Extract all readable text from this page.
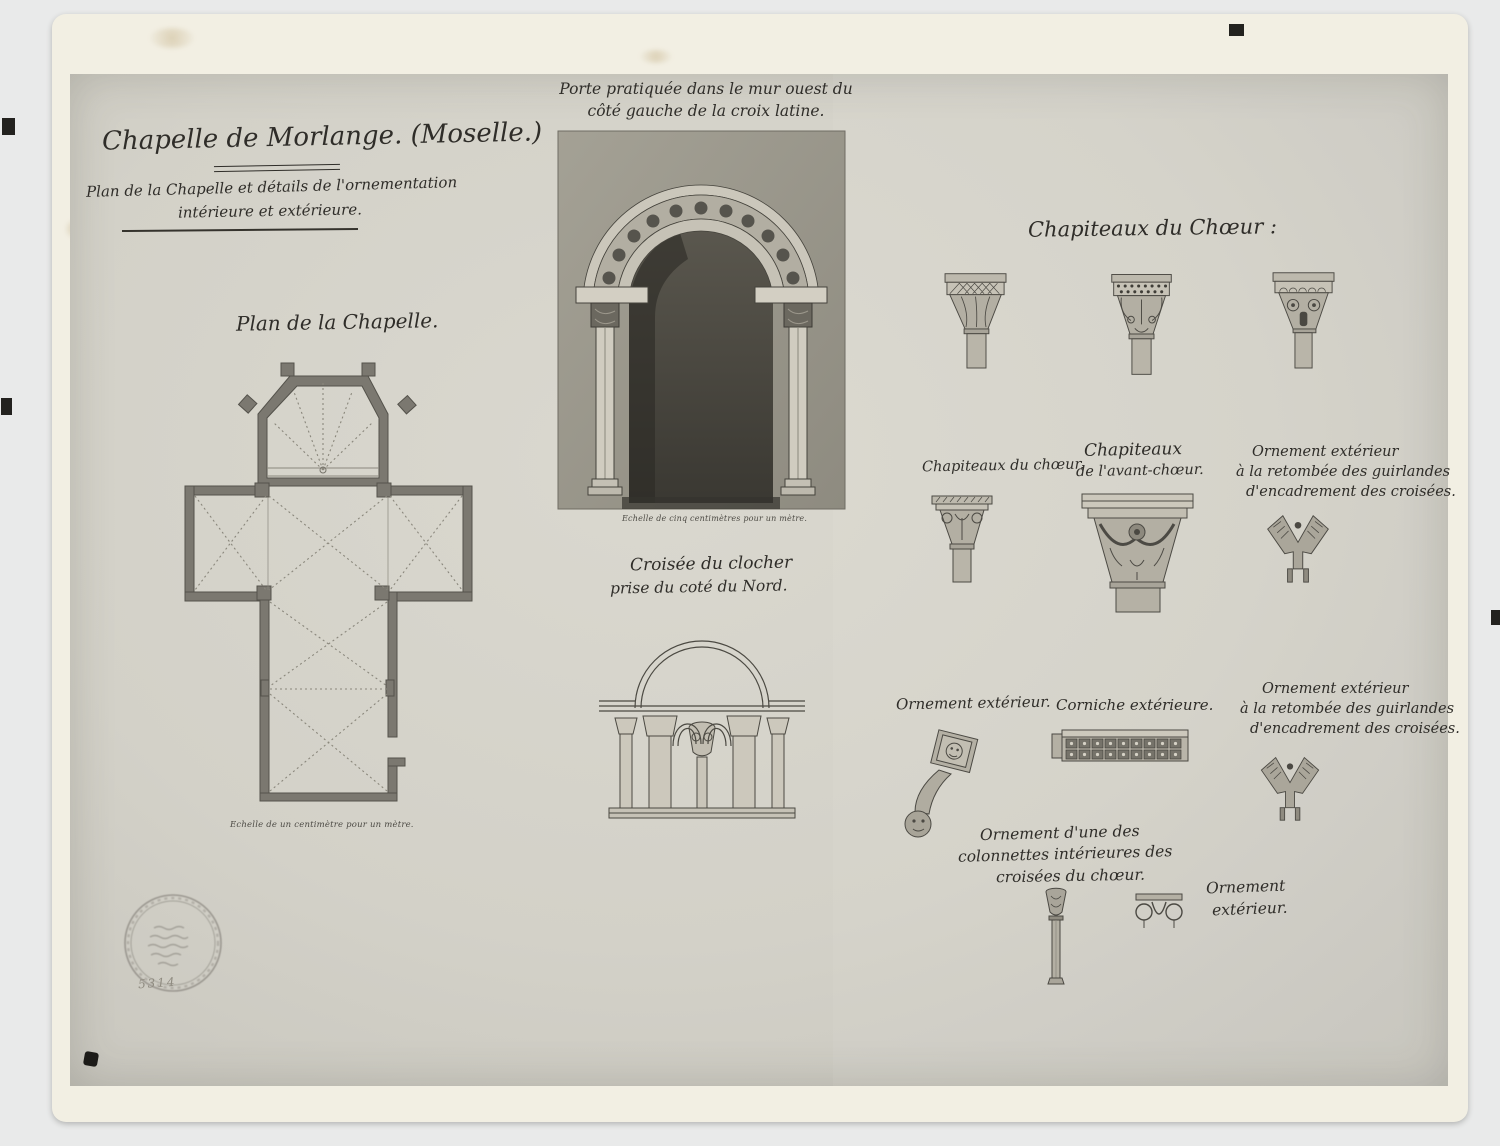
Chapelle de Morlange. (Moselle.)
Plan de la Chapelle et détails de l'ornementation
intérieure et extérieure.
Plan de la Chapelle.
Echelle de un centimètre pour un mètre.
Porte pratiquée dans le mur ouest du
côté gauche de la croix latine.
Echelle de cinq centimètres pour un mètre.
Croisée du clocher
prise du coté du Nord.
Chapiteaux du Chœur :
Chapiteaux du chœur.
Chapiteaux
de l'avant-chœur.
Ornement extérieur
à la retombée des guirlandes
d'encadrement des croisées.
Ornement extérieur. Corniche extérieure.
Ornement extérieur
à la retombée des guirlandes
d'encadrement des croisées.
Ornement d'une des
colonnettes intérieures des
croisées du chœur.
Ornement
extérieur.
5314
